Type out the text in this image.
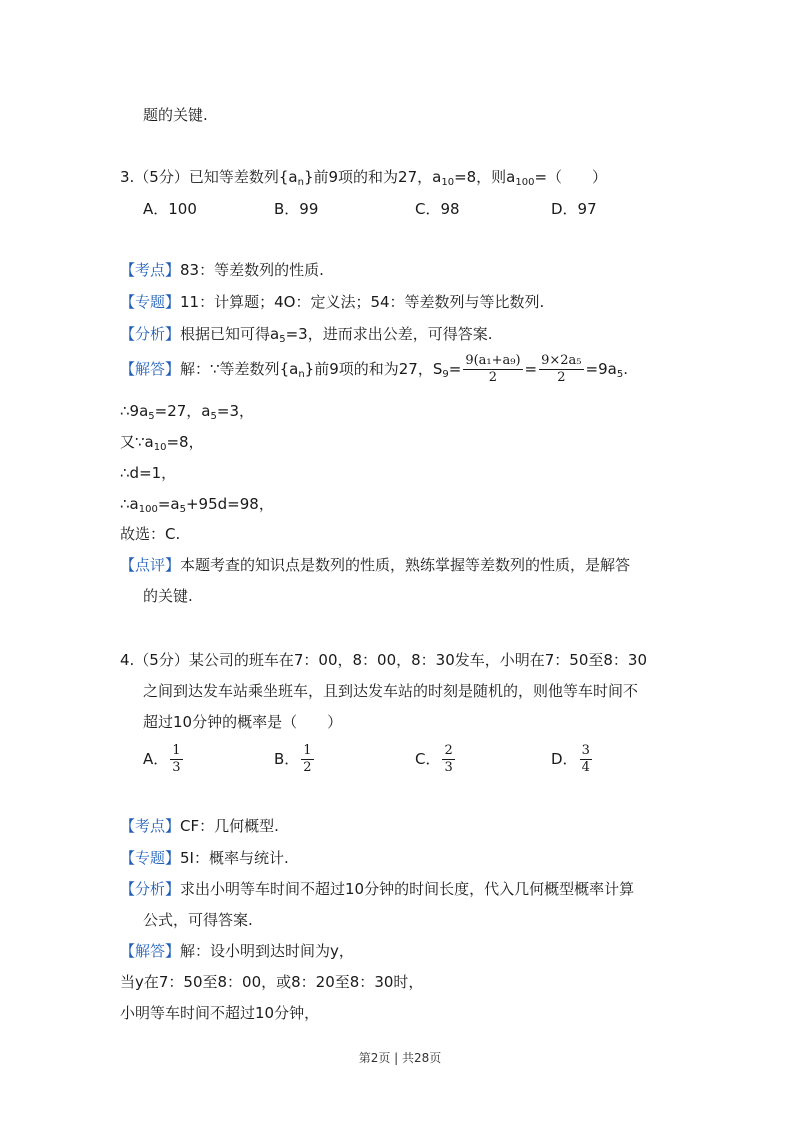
题的关键.
3.（5分）已知等差数列$\{a_n\}$前9项的和为27，$a_{10}=8$，则$a_{100}=$（　　）
A．100	B．99	C．98	D．97
【考点】83：等差数列的性质.
【专题】11：计算题；4O：定义法；54：等差数列与等比数列.
【分析】根据已知可得$a_5=3$，进而求出公差，可得答案.
【解答】解：∵等差数列$\{a_n\}$前9项的和为27，$S_9= \frac{\text{9(a₁+a₉)}}{2} = \frac{\text{9×2a₅}}{2} =9a_5$.
$\therefore 9a_5=27$，$a_5=3$，
又$\because a_{10}=8$，
∴d=1，
$\therefore a_{100}=a_5+95d=98$，
故选：C.
【点评】本题考查的知识点是数列的性质，熟练掌握等差数列的性质，是解答
的关键.
4.（5分）某公司的班车在7：00，8：00，8：30发车，小明在7：50至8：30
之间到达发车站乘坐班车，且到达发车站的时刻是随机的，则他等车时间不
超过10分钟的概率是（　　）
A． $\frac{1}{3}$	B． $\frac{1}{2}$	C． $\frac{2}{3}$	D． $\frac{3}{4}$
【考点】CF：几何概型.
【专题】5I：概率与统计.
【分析】求出小明等车时间不超过10分钟的时间长度，代入几何概型概率计算
公式，可得答案.
【解答】解：设小明到达时间为y，
当y在7：50至8：00，或8：20至8：30时，
小明等车时间不超过10分钟，
第2页 | 共28页
